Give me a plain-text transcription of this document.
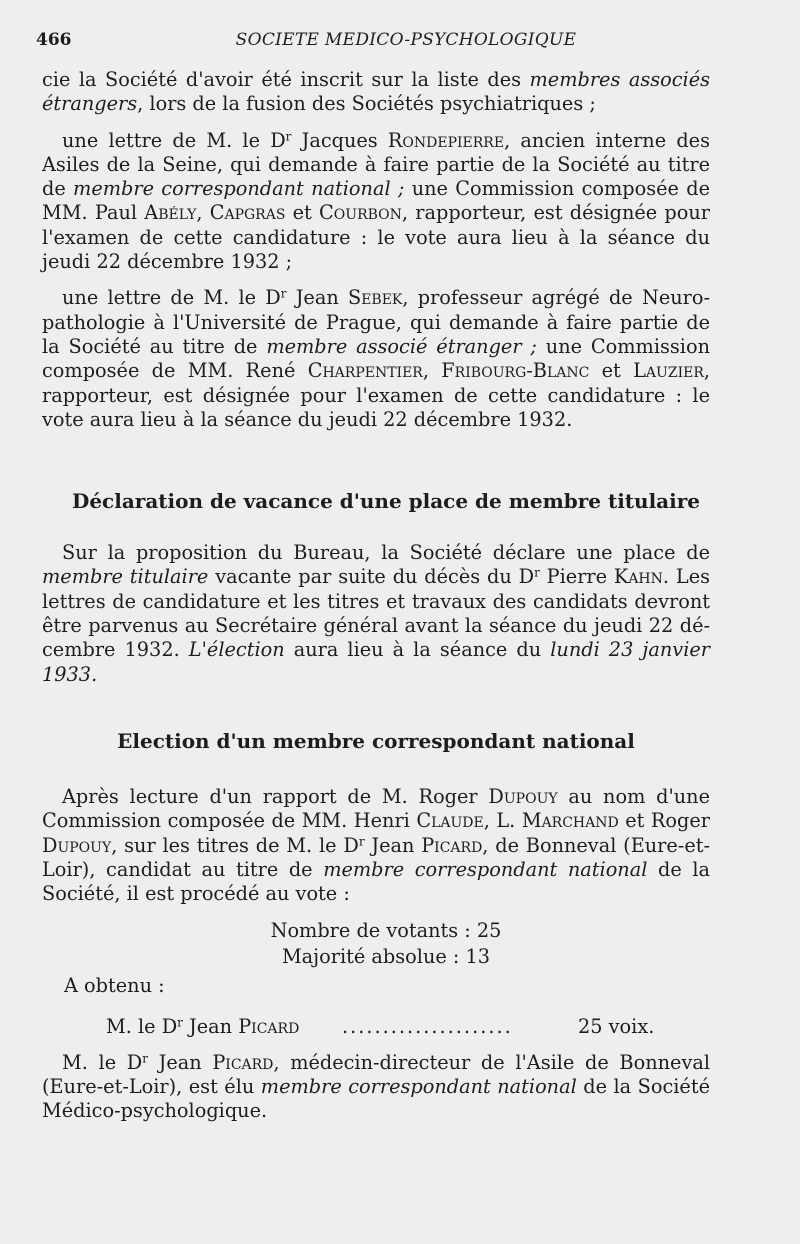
466	SOCIETE MEDICO-PSYCHOLOGIQUE

cie la Société d'avoir été inscrit sur la liste des membres associés étrangers, lors de la fusion des Sociétés psychiatriques ;

une lettre de M. le $D^r$ Jacques Rondepierre, ancien interne des Asiles de la Seine, qui demande à faire partie de la Société au titre de membre correspondant national ; une Commission composée de MM. Paul Abély, Capgras et Courbon, rapporteur, est désignée pour l'examen de cette candidature : le vote aura lieu à la séance du jeudi 22 décembre 1932 ;

une lettre de M. le $D^r$ Jean Sebek, professeur agrégé de Neuropathologie à l'Université de Prague, qui demande à faire partie de la Société au titre de membre associé étranger ; une Commission composée de MM. René Charpentier, Fribourg-Blanc et Lauzier, rapporteur, est désignée pour l'examen de cette candidature : le vote aura lieu à la séance du jeudi 22 décembre 1932.

Déclaration de vacance d'une place de membre titulaire

Sur la proposition du Bureau, la Société déclare une place de membre titulaire vacante par suite du décès du $D^r$ Pierre Kahn. Les lettres de candidature et les titres et travaux des candidats devront être parvenus au Secrétaire général avant la séance du jeudi 22 décembre 1932. L'élection aura lieu à la séance du lundi 23 janvier 1933.

Election d'un membre correspondant national

Après lecture d'un rapport de M. Roger Dupouy au nom d'une Commission composée de MM. Henri Claude, L. Marchand et Roger Dupouy, sur les titres de M. le $D^r$ Jean Picard, de Bonneval (Eure-et-Loir), candidat au titre de membre correspondant national de la Société, il est procédé au vote :

Nombre de votants : 25
Majorité absolue : 13
A obtenu :
M. le $D^r$ Jean Picard .....................	25 voix.

M. le $D^r$ Jean Picard, médecin-directeur de l'Asile de Bonneval (Eure-et-Loir), est élu membre correspondant national de la Société Médico-psychologique.
